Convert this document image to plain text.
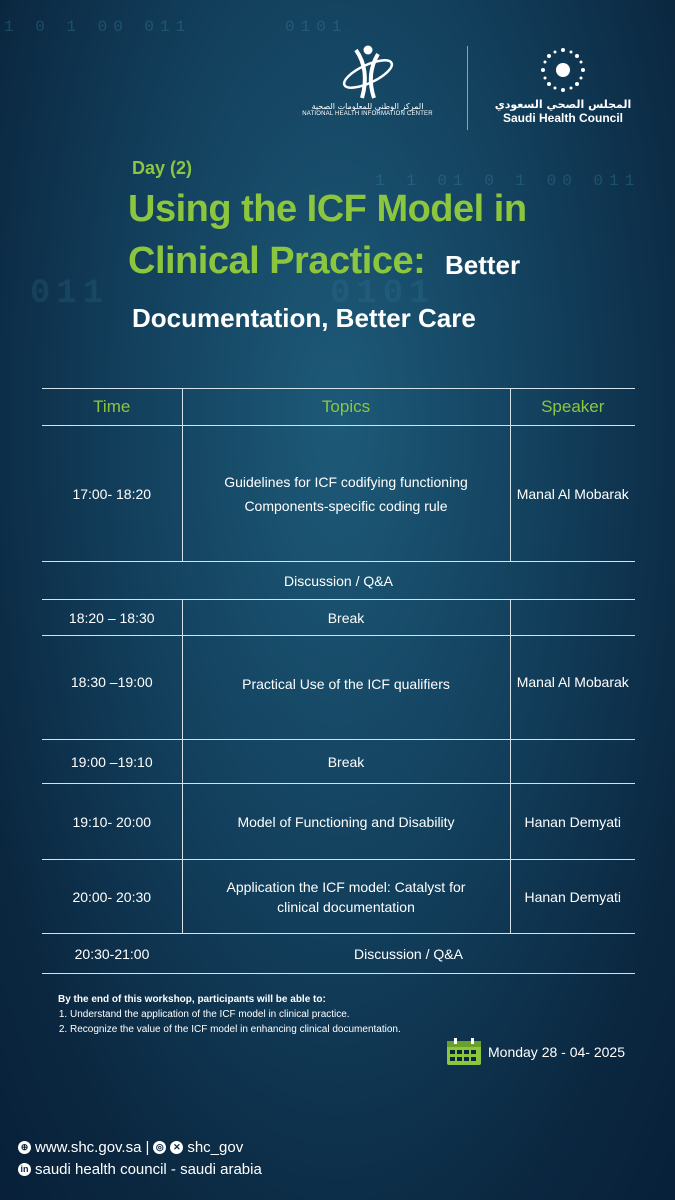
1 0 1 00 011	0101
1 1 01 0 1 00 011
011	0101
المركز الوطني للمعلومات الصحية
NATIONAL HEALTH INFORMATION CENTER
المجلس الصحي السعودي
Saudi Health Council
Day (2)
Using the ICF Model in
Clinical Practice: Better
Documentation, Better Care
Time	Topics	Speaker
17:00- 18:20	Guidelines for ICF codifying functioning
Components-specific coding rule	Manal Al Mobarak
Discussion / Q&A		
18:20 – 18:30	Break	
18:30 –19:00	Practical Use of the ICF qualifiers	Manal Al Mobarak
19:00 –19:10	Break	
19:10- 20:00	Model of Functioning and Disability	Hanan Demyati
20:00- 20:30	Application the ICF model: Catalyst for
clinical documentation	Hanan Demyati
20:30-21:00	Discussion / Q&A	
By the end of this workshop, participants will be able to:
1. Understand the application of the ICF model in clinical practice.
2. Recognize the value of the ICF model in enhancing clinical documentation.
Monday 28 - 04- 2025
⊕ www.shc.gov.sa | ◎	✕ shc_gov
in saudi health council - saudi arabia
